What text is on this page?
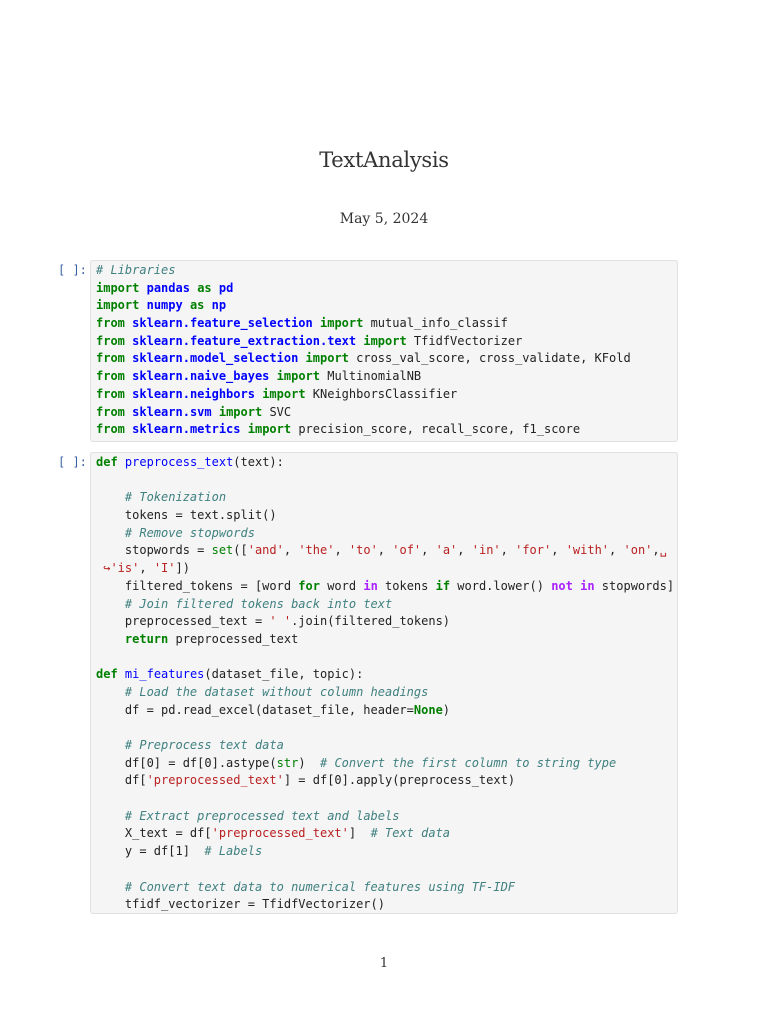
TextAnalysis
May 5, 2024
[ ]: # Libraries
import pandas as pd
import numpy as np
from sklearn.feature_selection import mutual_info_classif
from sklearn.feature_extraction.text import TfidfVectorizer
from sklearn.model_selection import cross_val_score, cross_validate, KFold
from sklearn.naive_bayes import MultinomialNB
from sklearn.neighbors import KNeighborsClassifier
from sklearn.svm import SVC
from sklearn.metrics import precision_score, recall_score, f1_score
[ ]: def preprocess_text(text):

# Tokenization
tokens = text.split()
# Remove stopwords
stopwords = set(['and', 'the', 'to', 'of', 'a', 'in', 'for', 'with', 'on',␣
↪'is', 'I'])
filtered_tokens = [word for word in tokens if word.lower() not in stopwords]
# Join filtered tokens back into text
preprocessed_text = ' '.join(filtered_tokens)
return preprocessed_text

def mi_features(dataset_file, topic):
# Load the dataset without column headings
df = pd.read_excel(dataset_file, header=None)

# Preprocess text data
df[0] = df[0].astype(str)  # Convert the first column to string type
df['preprocessed_text'] = df[0].apply(preprocess_text)

# Extract preprocessed text and labels
X_text = df['preprocessed_text']  # Text data
y = df[1]  # Labels

# Convert text data to numerical features using TF-IDF
tfidf_vectorizer = TfidfVectorizer()
1
